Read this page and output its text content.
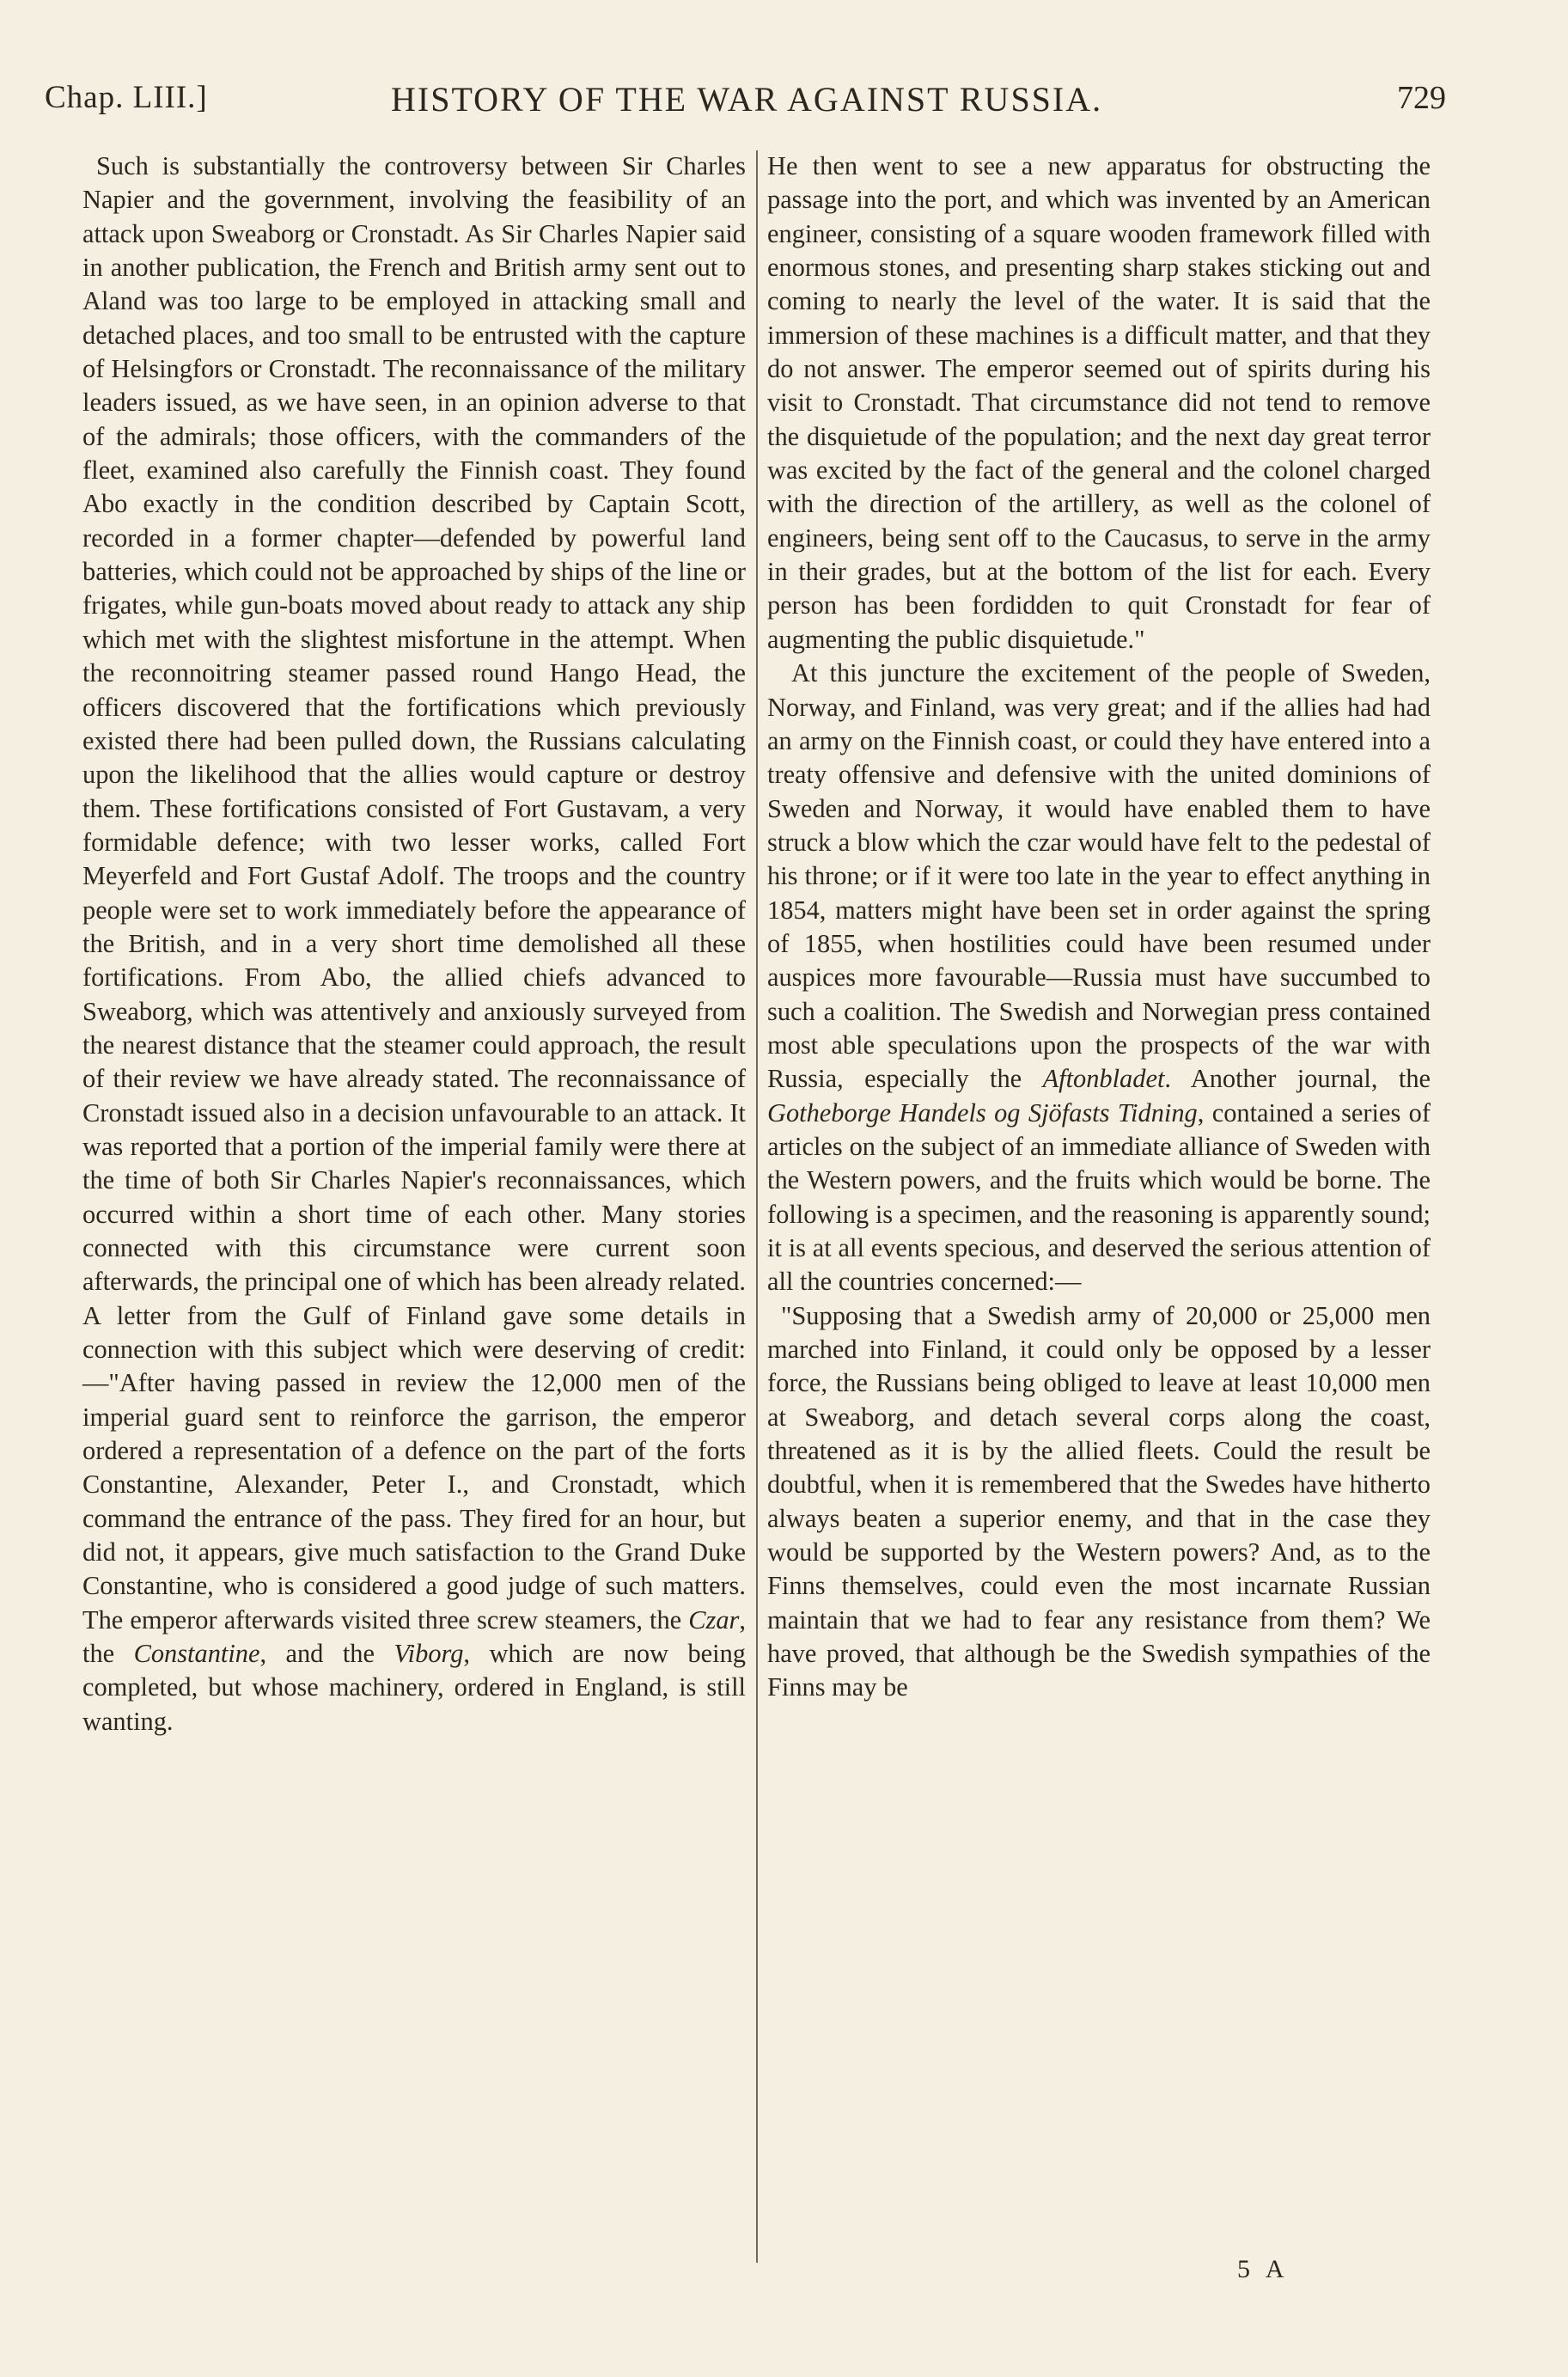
Chap. LIII.]	HISTORY OF THE WAR AGAINST RUSSIA.	729

Such is substantially the controversy between Sir Charles Napier and the government, involving the feasibility of an attack upon Sweaborg or Cronstadt. As Sir Charles Napier said in another publication, the French and British army sent out to Aland was too large to be employed in attacking small and detached places, and too small to be entrusted with the capture of Helsingfors or Cronstadt. The reconnaissance of the military leaders issued, as we have seen, in an opinion adverse to that of the admirals; those officers, with the commanders of the fleet, examined also carefully the Finnish coast. They found Abo exactly in the condition described by Captain Scott, recorded in a former chapter—defended by powerful land batteries, which could not be approached by ships of the line or frigates, while gun-boats moved about ready to attack any ship which met with the slightest misfortune in the attempt. When the reconnoitring steamer passed round Hango Head, the officers discovered that the fortifications which previously existed there had been pulled down, the Russians calculating upon the likelihood that the allies would capture or destroy them. These fortifications consisted of Fort Gustavam, a very formidable defence; with two lesser works, called Fort Meyerfeld and Fort Gustaf Adolf. The troops and the country people were set to work immediately before the appearance of the British, and in a very short time demolished all these fortifications. From Abo, the allied chiefs advanced to Sweaborg, which was attentively and anxiously surveyed from the nearest distance that the steamer could approach, the result of their review we have already stated. The reconnaissance of Cronstadt issued also in a decision unfavourable to an attack. It was reported that a portion of the imperial family were there at the time of both Sir Charles Napier's reconnaissances, which occurred within a short time of each other. Many stories connected with this circumstance were current soon afterwards, the principal one of which has been already related. A letter from the Gulf of Finland gave some details in connection with this subject which were deserving of credit:—"After having passed in review the 12,000 men of the imperial guard sent to reinforce the garrison, the emperor ordered a representation of a defence on the part of the forts Constantine, Alexander, Peter I., and Cronstadt, which command the entrance of the pass. They fired for an hour, but did not, it appears, give much satisfaction to the Grand Duke Constantine, who is considered a good judge of such matters. The emperor afterwards visited three screw steamers, the Czar, the Constantine, and the Viborg, which are now being completed, but whose machinery, ordered in England, is still wanting.

He then went to see a new apparatus for obstructing the passage into the port, and which was invented by an American engineer, consisting of a square wooden framework filled with enormous stones, and presenting sharp stakes sticking out and coming to nearly the level of the water. It is said that the immersion of these machines is a difficult matter, and that they do not answer. The emperor seemed out of spirits during his visit to Cronstadt. That circumstance did not tend to remove the disquietude of the population; and the next day great terror was excited by the fact of the general and the colonel charged with the direction of the artillery, as well as the colonel of engineers, being sent off to the Caucasus, to serve in the army in their grades, but at the bottom of the list for each. Every person has been fordidden to quit Cronstadt for fear of augmenting the public disquietude."

At this juncture the excitement of the people of Sweden, Norway, and Finland, was very great; and if the allies had had an army on the Finnish coast, or could they have entered into a treaty offensive and defensive with the united dominions of Sweden and Norway, it would have enabled them to have struck a blow which the czar would have felt to the pedestal of his throne; or if it were too late in the year to effect anything in 1854, matters might have been set in order against the spring of 1855, when hostilities could have been resumed under auspices more favourable—Russia must have succumbed to such a coalition. The Swedish and Norwegian press contained most able speculations upon the prospects of the war with Russia, especially the Aftonbladet. Another journal, the Gotheborge Handels og Sjöfasts Tidning, contained a series of articles on the subject of an immediate alliance of Sweden with the Western powers, and the fruits which would be borne. The following is a specimen, and the reasoning is apparently sound; it is at all events specious, and deserved the serious attention of all the countries concerned:—

"Supposing that a Swedish army of 20,000 or 25,000 men marched into Finland, it could only be opposed by a lesser force, the Russians being obliged to leave at least 10,000 men at Sweaborg, and detach several corps along the coast, threatened as it is by the allied fleets. Could the result be doubtful, when it is remembered that the Swedes have hitherto always beaten a superior enemy, and that in the case they would be supported by the Western powers? And, as to the Finns themselves, could even the most incarnate Russian maintain that we had to fear any resistance from them? We have proved, that although be the Swedish sympathies of the Finns may be

5 A
